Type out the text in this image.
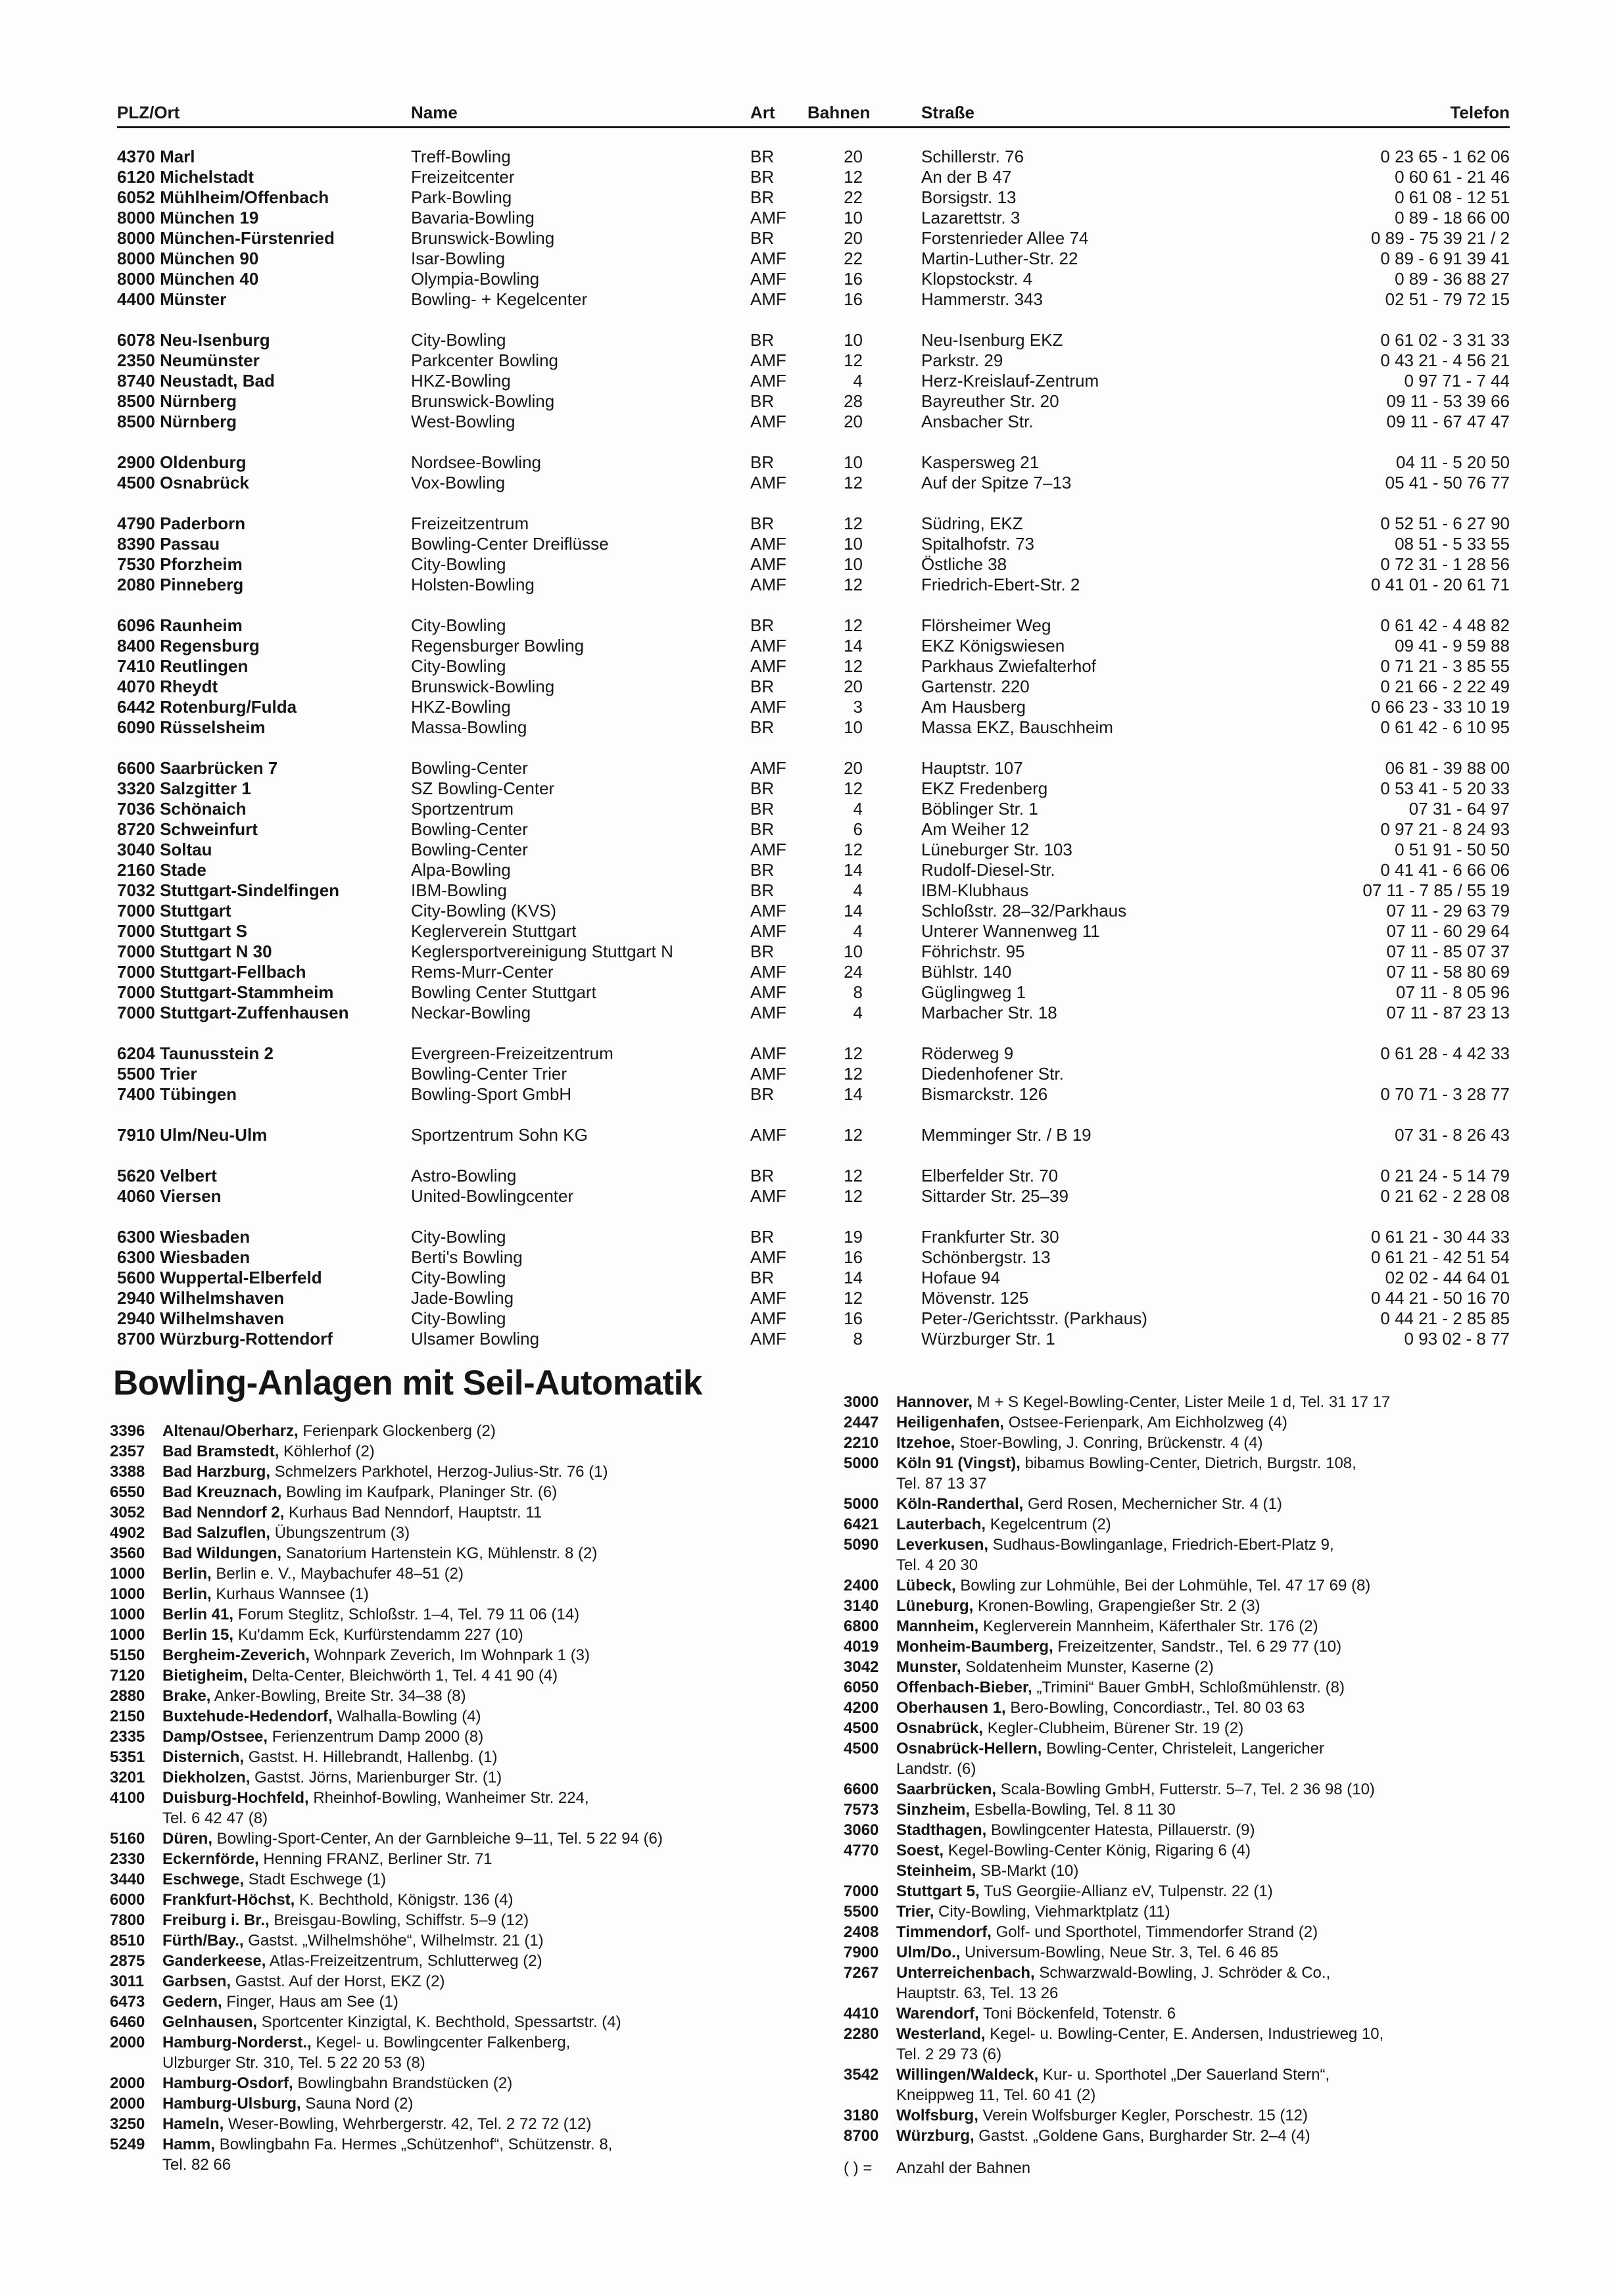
PLZ/Ort	Name	Art Bahnen	Straße	Telefon
4370 Marl	Treff-Bowling	BR	20	Schillerstr. 76	0 23 65 - 1 62 06
6120 Michelstadt	Freizeitcenter	BR	12	An der B 47	0 60 61 - 21 46
6052 Mühlheim/Offenbach	Park-Bowling	BR	22	Borsigstr. 13	0 61 08 - 12 51
8000 München 19	Bavaria-Bowling	AMF	10	Lazarettstr. 3	0 89 - 18 66 00
8000 München-Fürstenried	Brunswick-Bowling	BR	20	Forstenrieder Allee 74	0 89 - 75 39 21 / 2
8000 München 90	Isar-Bowling	AMF	22	Martin-Luther-Str. 22	0 89 - 6 91 39 41
8000 München 40	Olympia-Bowling	AMF	16	Klopstockstr. 4	0 89 - 36 88 27
4400 Münster	Bowling- + Kegelcenter	AMF	16	Hammerstr. 343	02 51 - 79 72 15
6078 Neu-Isenburg	City-Bowling	BR	10	Neu-Isenburg EKZ	0 61 02 - 3 31 33
2350 Neumünster	Parkcenter Bowling	AMF	12	Parkstr. 29	0 43 21 - 4 56 21
8740 Neustadt, Bad	HKZ-Bowling	AMF	4	Herz-Kreislauf-Zentrum	0 97 71 - 7 44
8500 Nürnberg	Brunswick-Bowling	BR	28	Bayreuther Str. 20	09 11 - 53 39 66
8500 Nürnberg	West-Bowling	AMF	20	Ansbacher Str.	09 11 - 67 47 47
2900 Oldenburg	Nordsee-Bowling	BR	10	Kaspersweg 21	04 11 - 5 20 50
4500 Osnabrück	Vox-Bowling	AMF	12	Auf der Spitze 7–13	05 41 - 50 76 77
4790 Paderborn	Freizeitzentrum	BR	12	Südring, EKZ	0 52 51 - 6 27 90
8390 Passau	Bowling-Center Dreiflüsse	AMF	10	Spitalhofstr. 73	08 51 - 5 33 55
7530 Pforzheim	City-Bowling	AMF	10	Östliche 38	0 72 31 - 1 28 56
2080 Pinneberg	Holsten-Bowling	AMF	12	Friedrich-Ebert-Str. 2	0 41 01 - 20 61 71
6096 Raunheim	City-Bowling	BR	12	Flörsheimer Weg	0 61 42 - 4 48 82
8400 Regensburg	Regensburger Bowling	AMF	14	EKZ Königswiesen	09 41 - 9 59 88
7410 Reutlingen	City-Bowling	AMF	12	Parkhaus Zwiefalterhof	0 71 21 - 3 85 55
4070 Rheydt	Brunswick-Bowling	BR	20	Gartenstr. 220	0 21 66 - 2 22 49
6442 Rotenburg/Fulda	HKZ-Bowling	AMF	3	Am Hausberg	0 66 23 - 33 10 19
6090 Rüsselsheim	Massa-Bowling	BR	10	Massa EKZ, Bauschheim	0 61 42 - 6 10 95
6600 Saarbrücken 7	Bowling-Center	AMF	20	Hauptstr. 107	06 81 - 39 88 00
3320 Salzgitter 1	SZ Bowling-Center	BR	12	EKZ Fredenberg	0 53 41 - 5 20 33
7036 Schönaich	Sportzentrum	BR	4	Böblinger Str. 1	07 31 - 64 97
8720 Schweinfurt	Bowling-Center	BR	6	Am Weiher 12	0 97 21 - 8 24 93
3040 Soltau	Bowling-Center	AMF	12	Lüneburger Str. 103	0 51 91 - 50 50
2160 Stade	Alpa-Bowling	BR	14	Rudolf-Diesel-Str.	0 41 41 - 6 66 06
7032 Stuttgart-Sindelfingen	IBM-Bowling	BR	4	IBM-Klubhaus	07 11 - 7 85 / 55 19
7000 Stuttgart	City-Bowling (KVS)	AMF	14	Schloßstr. 28–32/Parkhaus	07 11 - 29 63 79
7000 Stuttgart S	Keglerverein Stuttgart	AMF	4	Unterer Wannenweg 11	07 11 - 60 29 64
7000 Stuttgart N 30	Keglersportvereinigung Stuttgart N	BR	10	Föhrichstr. 95	07 11 - 85 07 37
7000 Stuttgart-Fellbach	Rems-Murr-Center	AMF	24	Bühlstr. 140	07 11 - 58 80 69
7000 Stuttgart-Stammheim	Bowling Center Stuttgart	AMF	8	Güglingweg 1	07 11 - 8 05 96
7000 Stuttgart-Zuffenhausen	Neckar-Bowling	AMF	4	Marbacher Str. 18	07 11 - 87 23 13
6204 Taunusstein 2	Evergreen-Freizeitzentrum	AMF	12	Röderweg 9	0 61 28 - 4 42 33
5500 Trier	Bowling-Center Trier	AMF	12	Diedenhofener Str.
7400 Tübingen	Bowling-Sport GmbH	BR	14	Bismarckstr. 126	0 70 71 - 3 28 77
7910 Ulm/Neu-Ulm	Sportzentrum Sohn KG	AMF	12	Memminger Str. / B 19	07 31 - 8 26 43
5620 Velbert	Astro-Bowling	BR	12	Elberfelder Str. 70	0 21 24 - 5 14 79
4060 Viersen	United-Bowlingcenter	AMF	12	Sittarder Str. 25–39	0 21 62 - 2 28 08
6300 Wiesbaden	City-Bowling	BR	19	Frankfurter Str. 30	0 61 21 - 30 44 33
6300 Wiesbaden	Berti's Bowling	AMF	16	Schönbergstr. 13	0 61 21 - 42 51 54
5600 Wuppertal-Elberfeld	City-Bowling	BR	14	Hofaue 94	02 02 - 44 64 01
2940 Wilhelmshaven	Jade-Bowling	AMF	12	Mövenstr. 125	0 44 21 - 50 16 70
2940 Wilhelmshaven	City-Bowling	AMF	16	Peter-/Gerichtsstr. (Parkhaus)	0 44 21 - 2 85 85
8700 Würzburg-Rottendorf	Ulsamer Bowling	AMF	8	Würzburger Str. 1	0 93 02 - 8 77
Bowling-Anlagen mit Seil-Automatik
3396 Altenau/Oberharz, Ferienpark Glockenberg (2)
2357 Bad Bramstedt, Köhlerhof (2)
3388 Bad Harzburg, Schmelzers Parkhotel, Herzog-Julius-Str. 76 (1)
6550 Bad Kreuznach, Bowling im Kaufpark, Planinger Str. (6)
3052 Bad Nenndorf 2, Kurhaus Bad Nenndorf, Hauptstr. 11
4902 Bad Salzuflen, Übungszentrum (3)
3560 Bad Wildungen, Sanatorium Hartenstein KG, Mühlenstr. 8 (2)
1000 Berlin, Berlin e. V., Maybachufer 48–51 (2)
1000 Berlin, Kurhaus Wannsee (1)
1000 Berlin 41, Forum Steglitz, Schloßstr. 1–4, Tel. 79 11 06 (14)
1000 Berlin 15, Ku'damm Eck, Kurfürstendamm 227 (10)
5150 Bergheim-Zeverich, Wohnpark Zeverich, Im Wohnpark 1 (3)
7120 Bietigheim, Delta-Center, Bleichwörth 1, Tel. 4 41 90 (4)
2880 Brake, Anker-Bowling, Breite Str. 34–38 (8)
2150 Buxtehude-Hedendorf, Walhalla-Bowling (4)
2335 Damp/Ostsee, Ferienzentrum Damp 2000 (8)
5351 Disternich, Gastst. H. Hillebrandt, Hallenbg. (1)
3201 Diekholzen, Gastst. Jörns, Marienburger Str. (1)
4100 Duisburg-Hochfeld, Rheinhof-Bowling, Wanheimer Str. 224,
Tel. 6 42 47 (8)
5160 Düren, Bowling-Sport-Center, An der Garnbleiche 9–11, Tel. 5 22 94 (6)
2330 Eckernförde, Henning FRANZ, Berliner Str. 71
3440 Eschwege, Stadt Eschwege (1)
6000 Frankfurt-Höchst, K. Bechthold, Königstr. 136 (4)
7800 Freiburg i. Br., Breisgau-Bowling, Schiffstr. 5–9 (12)
8510 Fürth/Bay., Gastst. „Wilhelmshöhe“, Wilhelmstr. 21 (1)
2875 Ganderkeese, Atlas-Freizeitzentrum, Schlutterweg (2)
3011 Garbsen, Gastst. Auf der Horst, EKZ (2)
6473 Gedern, Finger, Haus am See (1)
6460 Gelnhausen, Sportcenter Kinzigtal, K. Bechthold, Spessartstr. (4)
2000 Hamburg-Norderst., Kegel- u. Bowlingcenter Falkenberg,
Ulzburger Str. 310, Tel. 5 22 20 53 (8)
2000 Hamburg-Osdorf, Bowlingbahn Brandstücken (2)
2000 Hamburg-Ulsburg, Sauna Nord (2)
3250 Hameln, Weser-Bowling, Wehrbergerstr. 42, Tel. 2 72 72 (12)
5249 Hamm, Bowlingbahn Fa. Hermes „Schützenhof“, Schützenstr. 8,
Tel. 82 66
3000 Hannover, M + S Kegel-Bowling-Center, Lister Meile 1 d, Tel. 31 17 17
2447 Heiligenhafen, Ostsee-Ferienpark, Am Eichholzweg (4)
2210 Itzehoe, Stoer-Bowling, J. Conring, Brückenstr. 4 (4)
5000 Köln 91 (Vingst), bibamus Bowling-Center, Dietrich, Burgstr. 108,
Tel. 87 13 37
5000 Köln-Randerthal, Gerd Rosen, Mechernicher Str. 4 (1)
6421 Lauterbach, Kegelcentrum (2)
5090 Leverkusen, Sudhaus-Bowlinganlage, Friedrich-Ebert-Platz 9,
Tel. 4 20 30
2400 Lübeck, Bowling zur Lohmühle, Bei der Lohmühle, Tel. 47 17 69 (8)
3140 Lüneburg, Kronen-Bowling, Grapengießer Str. 2 (3)
6800 Mannheim, Keglerverein Mannheim, Käferthaler Str. 176 (2)
4019 Monheim-Baumberg, Freizeitzenter, Sandstr., Tel. 6 29 77 (10)
3042 Munster, Soldatenheim Munster, Kaserne (2)
6050 Offenbach-Bieber, „Trimini“ Bauer GmbH, Schloßmühlenstr. (8)
4200 Oberhausen 1, Bero-Bowling, Concordiastr., Tel. 80 03 63
4500 Osnabrück, Kegler-Clubheim, Bürener Str. 19 (2)
4500 Osnabrück-Hellern, Bowling-Center, Christeleit, Langericher
Landstr. (6)
6600 Saarbrücken, Scala-Bowling GmbH, Futterstr. 5–7, Tel. 2 36 98 (10)
7573 Sinzheim, Esbella-Bowling, Tel. 8 11 30
3060 Stadthagen, Bowlingcenter Hatesta, Pillauerstr. (9)
4770 Soest, Kegel-Bowling-Center König, Rigaring 6 (4)
Steinheim, SB-Markt (10)
7000 Stuttgart 5, TuS Georgiie-Allianz eV, Tulpenstr. 22 (1)
5500 Trier, City-Bowling, Viehmarktplatz (11)
2408 Timmendorf, Golf- und Sporthotel, Timmendorfer Strand (2)
7900 Ulm/Do., Universum-Bowling, Neue Str. 3, Tel. 6 46 85
7267 Unterreichenbach, Schwarzwald-Bowling, J. Schröder & Co.,
Hauptstr. 63, Tel. 13 26
4410 Warendorf, Toni Böckenfeld, Totenstr. 6
2280 Westerland, Kegel- u. Bowling-Center, E. Andersen, Industrieweg 10,
Tel. 2 29 73 (6)
3542 Willingen/Waldeck, Kur- u. Sporthotel „Der Sauerland Stern“,
Kneippweg 11, Tel. 60 41 (2)
3180 Wolfsburg, Verein Wolfsburger Kegler, Porschestr. 15 (12)
8700 Würzburg, Gastst. „Goldene Gans, Burgharder Str. 2–4 (4)
( ) = Anzahl der Bahnen
